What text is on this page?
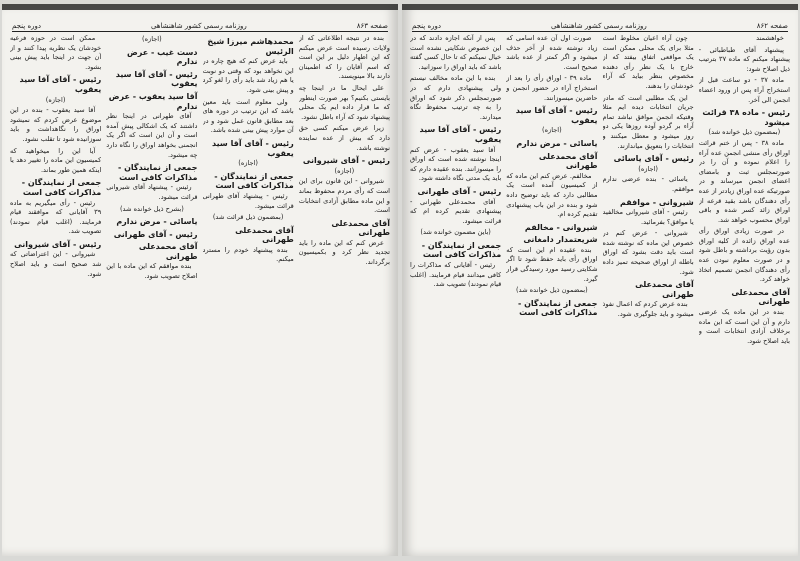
صفحه ۸۶۳
روزنامه رسمی کشور شاهنشاهی
دوره پنجم

بنده در نتیجه اطلاعاتی که از ولایات رسیده است عرض میکنم که این اظهار دلیل بر این است که اسم آقایان را که اطمینان دارند بالا مینویسند.

علی ایحال ما در اینجا چه بایستی بکنیم؟ بهر صورت اینطور که ما قرار داده ایم یک محلی پیشنهاد شود که آراء باطل نشود.

زیرا عرض میکنم کسی حق دارد که بیش از عده نماینده نوشته باشد.

رئیس - آقای شیروانی
(اجازه)

شیروانی - این قانون برای این است که رأی مردم محفوظ بماند و این ماده مطابق آزادی انتخابات است.

آقای محمدعلی طهرانی

عرض کنم که این ماده را باید تجدید نظر کرد و بکمیسیون برگرداند.

محمدهاشم میرزا شیخ الرئیس

باید عرض کنم که هیچ چاره در این نخواهد بود که وقتی دو نوبت یا هم زیاد شد باید رأی را لغو کرد و پیش بینی شود.

ولی معلوم است باید معین باشد که این ترتیب در دوره های بعد مطابق قانون عمل شود و در آن موارد پیش بینی شده باشد.

رئیس - آقای آقا سید یعقوب
(اجازه)
جمعی از نمایندگان - مذاکرات کافی است

رئیس - پیشنهاد آقای طهرانی قرائت میشود.

(بمضمون ذیل قرائت شد)
آقای محمدعلی طهرانی

بنده پیشنهاد خودم را مسترد میکنم.

(اجازه)
دست غیب - عرض ندارم
رئیس - آقای آقا سید یعقوب
آقا سید یعقوب - عرض ندارم

آقای طهرانی در اینجا نظر داشتند که یک اشکالی پیش آمده است و آن این است که اگر یک انجمنی بخواهد اوراق را نگاه دارد چه میشود.

جمعی از نمایندگان - مذاکرات کافی است

رئیس - پیشنهاد آقای شیروانی قرائت میشود.

(بشرح ذیل خوانده شد)
یاسائی - مرض ندارم
رئیس - آقای طهرانی
آقای محمدعلی طهرانی

بنده موافقم که این ماده با این اصلاح تصویب شود.

ممکن است در حوزه فرعیه خودشان یک نظریه پیدا کنند و از آن جهت در اینجا باید پیش بینی بشود.

رئیس - آقای آقا سید یعقوب
(اجازه)

آقا سید یعقوب - بنده در این موضوع عرض کردم که نمیشود اوراق را نگاهداشت و باید سوزانیده شود تا تقلب نشود.

آیا این را میخواهید که کمیسیون این ماده را تغییر دهد یا اینکه همین طور بماند.

جمعی از نمایندگان - مذاکرات کافی است

رئیس - رأی میگیریم به ماده ۳۹ آقایانی که موافقند قیام فرمایند. (اغلب قیام نمودند) تصویب شد.

رئیس - آقای شیروانی

شیروانی - این اعتراضاتی که شد صحیح است و باید اصلاح شود.

صفحه ۸۶۲
روزنامه رسمی کشور شاهنشاهی
دوره پنجم

خواهشمند

پیشنهاد آقای طباطبائی - پیشنهاد میکنم که ماده ۳۷ بترتیب ذیل اصلاح شود:

ماده ۳۷ - دو ساعت قبل از استخراج آراء پس از ورود اعضاء انجمن الی آخر.

رئیس - ماده ۳۸ قرائت میشود
(بمضمون ذیل خوانده شد)

ماده ۳۸ - پس از ختم قرائت اوراق رأی منشی انجمن عده آراء را اعلام نموده و آن را در صورتمجلس ثبت و بامضای اعضای انجمن میرساند و در صورتیکه عده اوراق زیادتر از عده رأی دهندگان باشد بقید قرعه از اوراق زائد کسر شده و باقی اوراق محسوب خواهد شد.

در صورت زیادی اوراق رأی عده اوراق زائده از کلیه اوراق بدون رؤیت برداشته و باطل شود و در صورت معلوم نبودن عده رأی دهندگان انجمن تصمیم اتخاذ خواهد کرد.

آقای محمدعلی طهرانی

بنده در این ماده یک عرضی دارم و آن این است که این ماده برخلاف آزادی انتخابات است و باید اصلاح شود.

چون آراء اعیان مخلوط است مثلا برای یک محلی ممکن است یک مواقعی اتفاق بیفتد که از خارج با یک نظر رأی دهنده مخصوص بنظر بیاید که آراء خودشان را بدهند.

این یک مطلبی است که مادر جریان انتخابات دیده ایم مثلا وقتیکه انجمن موافق نباشد تمام آراء بر گردو آوده روزها یکی دو روز میشود و معطل میکنند و انتخابات را بتعویق میاندازند.

رئیس - آقای یاسائی
(اجازه)

یاسائی - بنده عرضی ندارم موافقم.

شیروانی - موافقم

رئیس - آقای شیروانی مخالفید یا موافق؟ بفرمائید.

شیروانی - عرض کنم در خصوص این ماده که نوشته شده است باید دقت بشود که اوراق باطله از اوراق صحیحه تمیز داده شود.

آقای محمدعلی طهرانی

بنده عرض کردم که اعمال نفوذ میشود و باید جلوگیری شود.

صورت اول آن عده اسامی که زیاد نوشته شده از آخر حذف میشود و اگر کمتر از عده باشد صحیح است.

ماده ۳۹ - اوراق رأی را بعد از استخراج آراء در حضور انجمن و حاضرین میسوزانند.

رئیس - آقای آقا سید یعقوب
(اجازه)
یاسائی - مرض ندارم
آقای محمدعلی طهرانی

مخالفم. عرض کنم این ماده که از کمیسیون آمده است یک مطالبی دارد که باید توضیح داده شود و بنده در این باب پیشنهادی تقدیم کرده ام.

شیروانی - مخالفم
شریعتمدار دامغانی

بنده عقیده ام این است که اوراق رأی باید حفظ شود تا اگر شکایتی رسید مورد رسیدگی قرار گیرد.

(بمضمون ذیل خوانده شد)
جمعی از نمایندگان - مذاکرات کافی است

پس از آنکه اجازه دادند که در این خصوص شکایتی نشده است خیال نمیکنم که تا حال کسی گفته باشد که باید اوراق را سوزانید.

بنده با این ماده مخالف نیستم ولی پیشنهادی دارم که در صورتمجلس ذکر شود که اوراق را به چه ترتیب محفوظ نگاه میدارند.

رئیس - آقای آقا سید یعقوب

آقا سید یعقوب - عرض کنم اینجا نوشته شده است که اوراق را میسوزانند. بنده عقیده دارم که باید یک مدتی نگاه داشته شود.

رئیس - آقای طهرانی

آقای محمدعلی طهرانی - پیشنهادی تقدیم کرده ام که قرائت میشود.

(باین مضمون خوانده شد)
جمعی از نمایندگان - مذاکرات کافی است

رئیس - آقایانی که مذاکرات را کافی میدانند قیام فرمایند. (اغلب قیام نمودند) تصویب شد.
